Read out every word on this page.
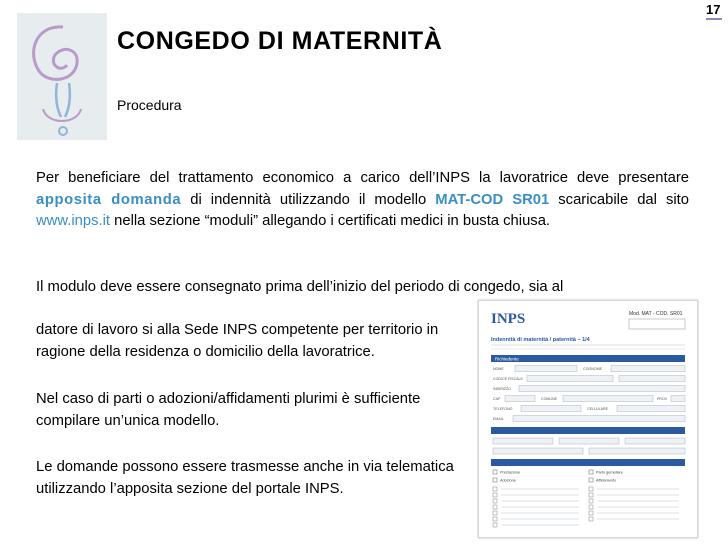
17
CONGEDO DI MATERNITÀ
Procedura
Per beneficiare del trattamento economico a carico dell’INPS la lavoratrice deve presentare apposita domanda di indennità utilizzando il modello MAT-COD SR01 scaricabile dal sito www.inps.it nella sezione “moduli” allegando i certificati medici in busta chiusa.
Il modulo deve essere consegnato prima dell’inizio del periodo di congedo, sia al
datore di lavoro si alla Sede INPS competente per territorio in ragione della residenza o domicilio della lavoratrice.
Nel caso di parti o adozioni/affidamenti plurimi è sufficiente compilare un’unica modello.
Le domande possono essere trasmesse anche in via telematica utilizzando l’apposita sezione del portale INPS.
INPS	Mod. MAT - COD. SR01
Indennità di maternità / paternità – 1/4
Richiedente
NOME	COGNOME
CODICE FISCALE
INDIRIZZO
CAP	COMUNE	PROV
TELEFONO	CELLULARE
EMAIL
Prestazione	Parto gemellare
Adozione	Affidamento
